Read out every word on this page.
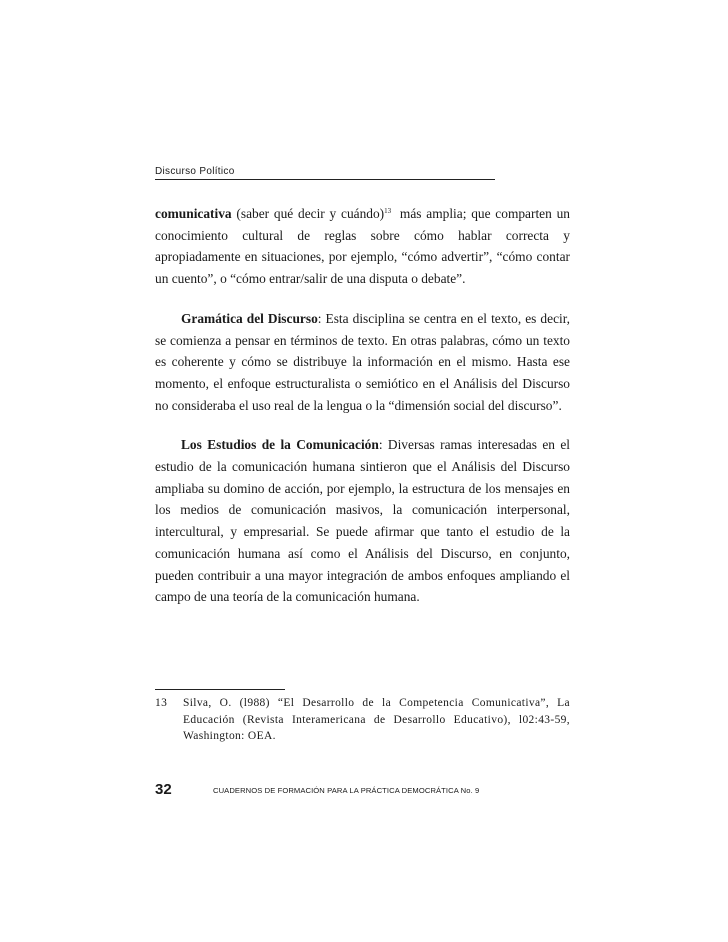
Discurso Político

comunicativa (saber qué decir y cuándo)$^{13}$ más amplia; que comparten un conocimiento cultural de reglas sobre cómo hablar correcta y apropiadamente en situaciones, por ejemplo, “cómo advertir”, “cómo contar un cuento”, o “cómo entrar/salir de una disputa o debate”.

Gramática del Discurso: Esta disciplina se centra en el texto, es decir, se comienza a pensar en términos de texto. En otras palabras, cómo un texto es coherente y cómo se distribuye la información en el mismo. Hasta ese momento, el enfoque estructuralista o semiótico en el Análisis del Discurso no consideraba el uso real de la lengua o la “dimensión social del discurso”.

Los Estudios de la Comunicación: Diversas ramas interesadas en el estudio de la comunicación humana sintieron que el Análisis del Discurso ampliaba su domino de acción, por ejemplo, la estructura de los mensajes en los medios de comunicación masivos, la comunicación interpersonal, intercultural, y empresarial. Se puede afirmar que tanto el estudio de la comunicación humana así como el Análisis del Discurso, en conjunto, pueden contribuir a una mayor integración de ambos enfoques ampliando el campo de una teoría de la comunicación humana.

13 Silva, O. (l988) “El Desarrollo de la Competencia Comunicativa”, La Educación (Revista Interamericana de Desarrollo Educativo), l02:43-59, Washington: OEA.
32	CUADERNOS DE FORMACIÓN PARA LA PRÁCTICA DEMOCRÁTICA No. 9
